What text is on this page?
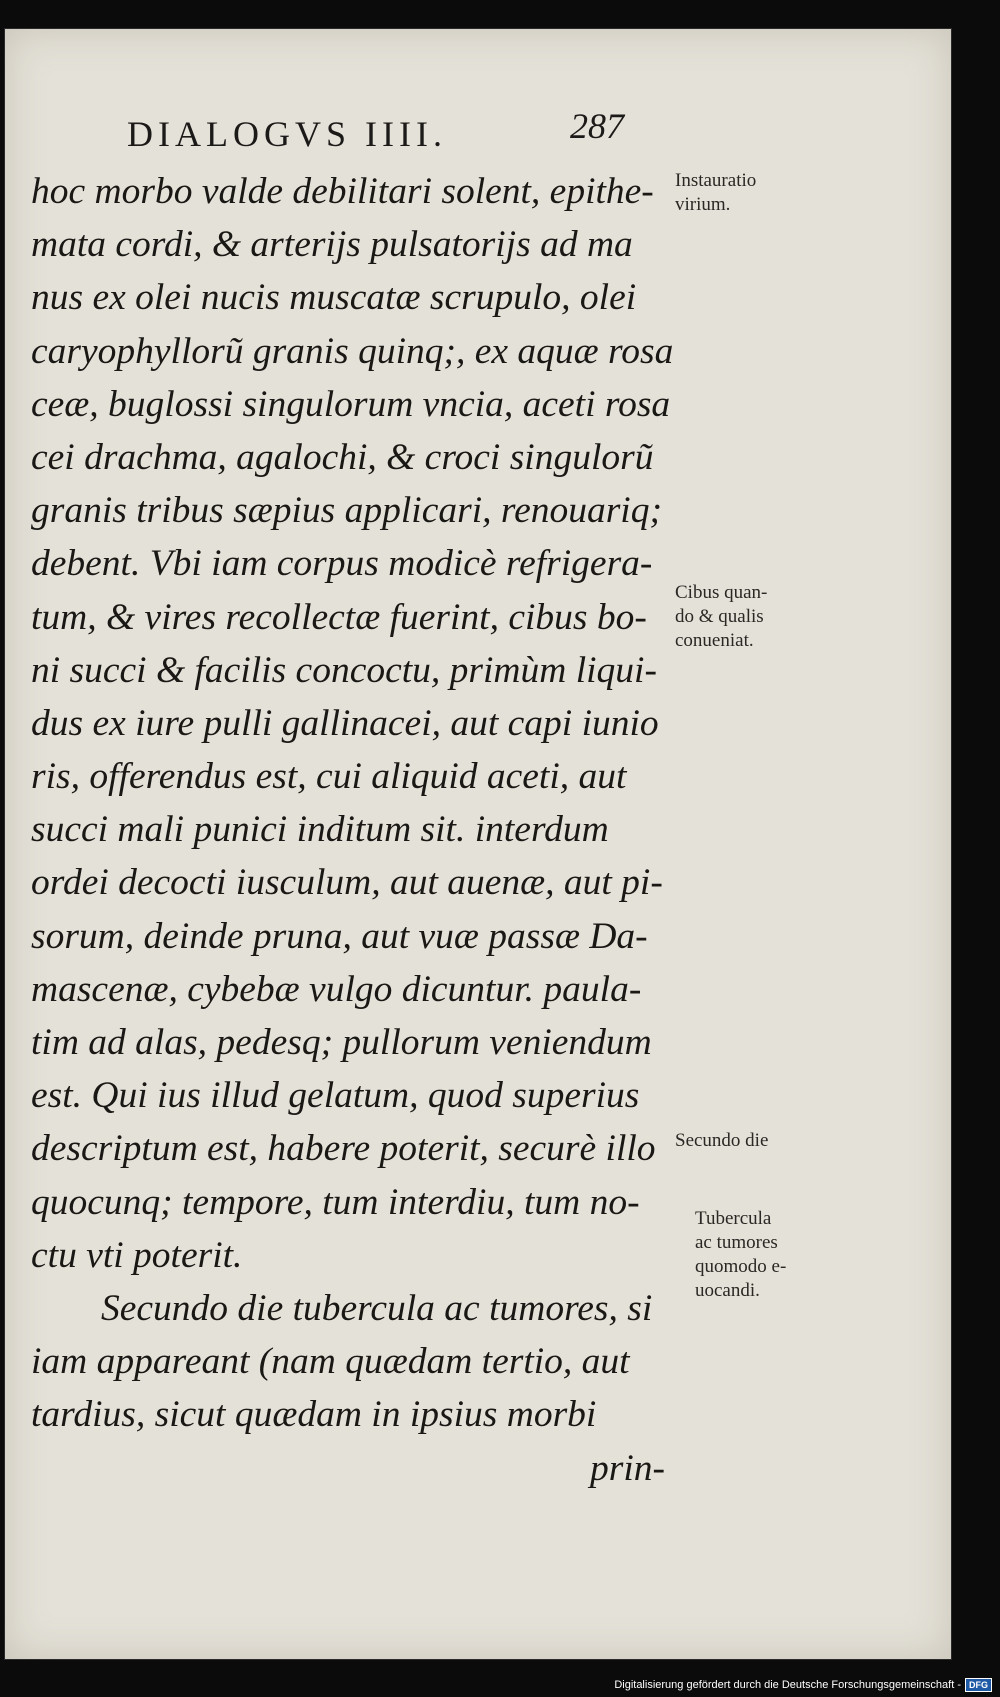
DIALOGVS IIII.	287
hoc morbo valde debilitari solent, epithe-
mata cordi, & arterijs pulsatorijs ad ma
nus ex olei nucis muscatæ scrupulo, olei
caryophyllorũ granis quinq;, ex aquæ rosa
ceæ, buglossi singulorum vncia, aceti rosa
cei drachma, agalochi, & croci singulorũ
granis tribus sæpius applicari, renouariq;
debent. Vbi iam corpus modicè refrigera-
tum, & vires recollectæ fuerint, cibus bo-
ni succi & facilis concoctu, primùm liqui-
dus ex iure pulli gallinacei, aut capi iunio
ris, offerendus est, cui aliquid aceti, aut
succi mali punici inditum sit. interdum
ordei decocti iusculum, aut auenæ, aut pi-
sorum, deinde pruna, aut vuæ passæ Da-
mascenæ, cybebæ vulgo dicuntur. paula-
tim ad alas, pedesq; pullorum veniendum
est. Qui ius illud gelatum, quod superius
descriptum est, habere poterit, securè illo
quocunq; tempore, tum interdiu, tum no-
ctu vti poterit.
Secundo die tubercula ac tumores, si
iam appareant (nam quædam tertio, aut
tardius, sicut quædam in ipsius morbi
prin-
Instauratio
virium.
Cibus quan-
do & qualis
conueniat.
Secundo die
Tubercula
ac tumores
quomodo e-
uocandi.
Digitalisierung gefördert durch die Deutsche Forschungsgemeinschaft - DFG
